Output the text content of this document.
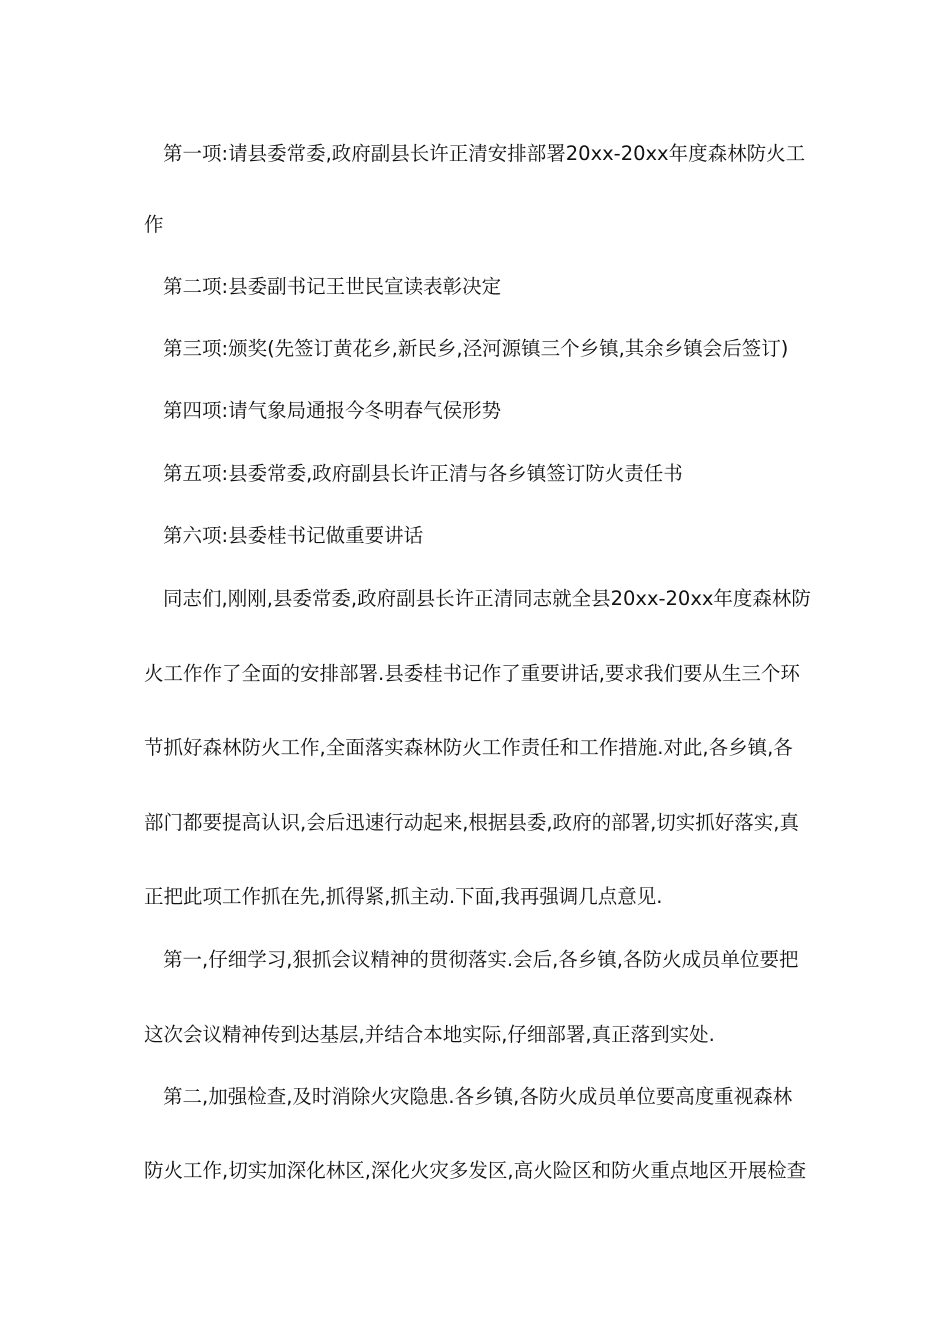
第一项:请县委常委,政府副县长许正清安排部署20xx-20xx年度森林防火工
作
第二项:县委副书记王世民宣读表彰决定
第三项:颁奖(先签订黄花乡,新民乡,泾河源镇三个乡镇,其余乡镇会后签订)
第四项:请气象局通报今冬明春气侯形势
第五项:县委常委,政府副县长许正清与各乡镇签订防火责任书
第六项:县委桂书记做重要讲话
同志们,刚刚,县委常委,政府副县长许正清同志就全县20xx-20xx年度森林防
火工作作了全面的安排部署.县委桂书记作了重要讲话,要求我们要从生三个环
节抓好森林防火工作,全面落实森林防火工作责任和工作措施.对此,各乡镇,各
部门都要提高认识,会后迅速行动起来,根据县委,政府的部署,切实抓好落实,真
正把此项工作抓在先,抓得紧,抓主动.下面,我再强调几点意见.
第一,仔细学习,狠抓会议精神的贯彻落实.会后,各乡镇,各防火成员单位要把
这次会议精神传到达基层,并结合本地实际,仔细部署,真正落到实处.
第二,加强检查,及时消除火灾隐患.各乡镇,各防火成员单位要高度重视森林
防火工作,切实加深化林区,深化火灾多发区,高火险区和防火重点地区开展检查
